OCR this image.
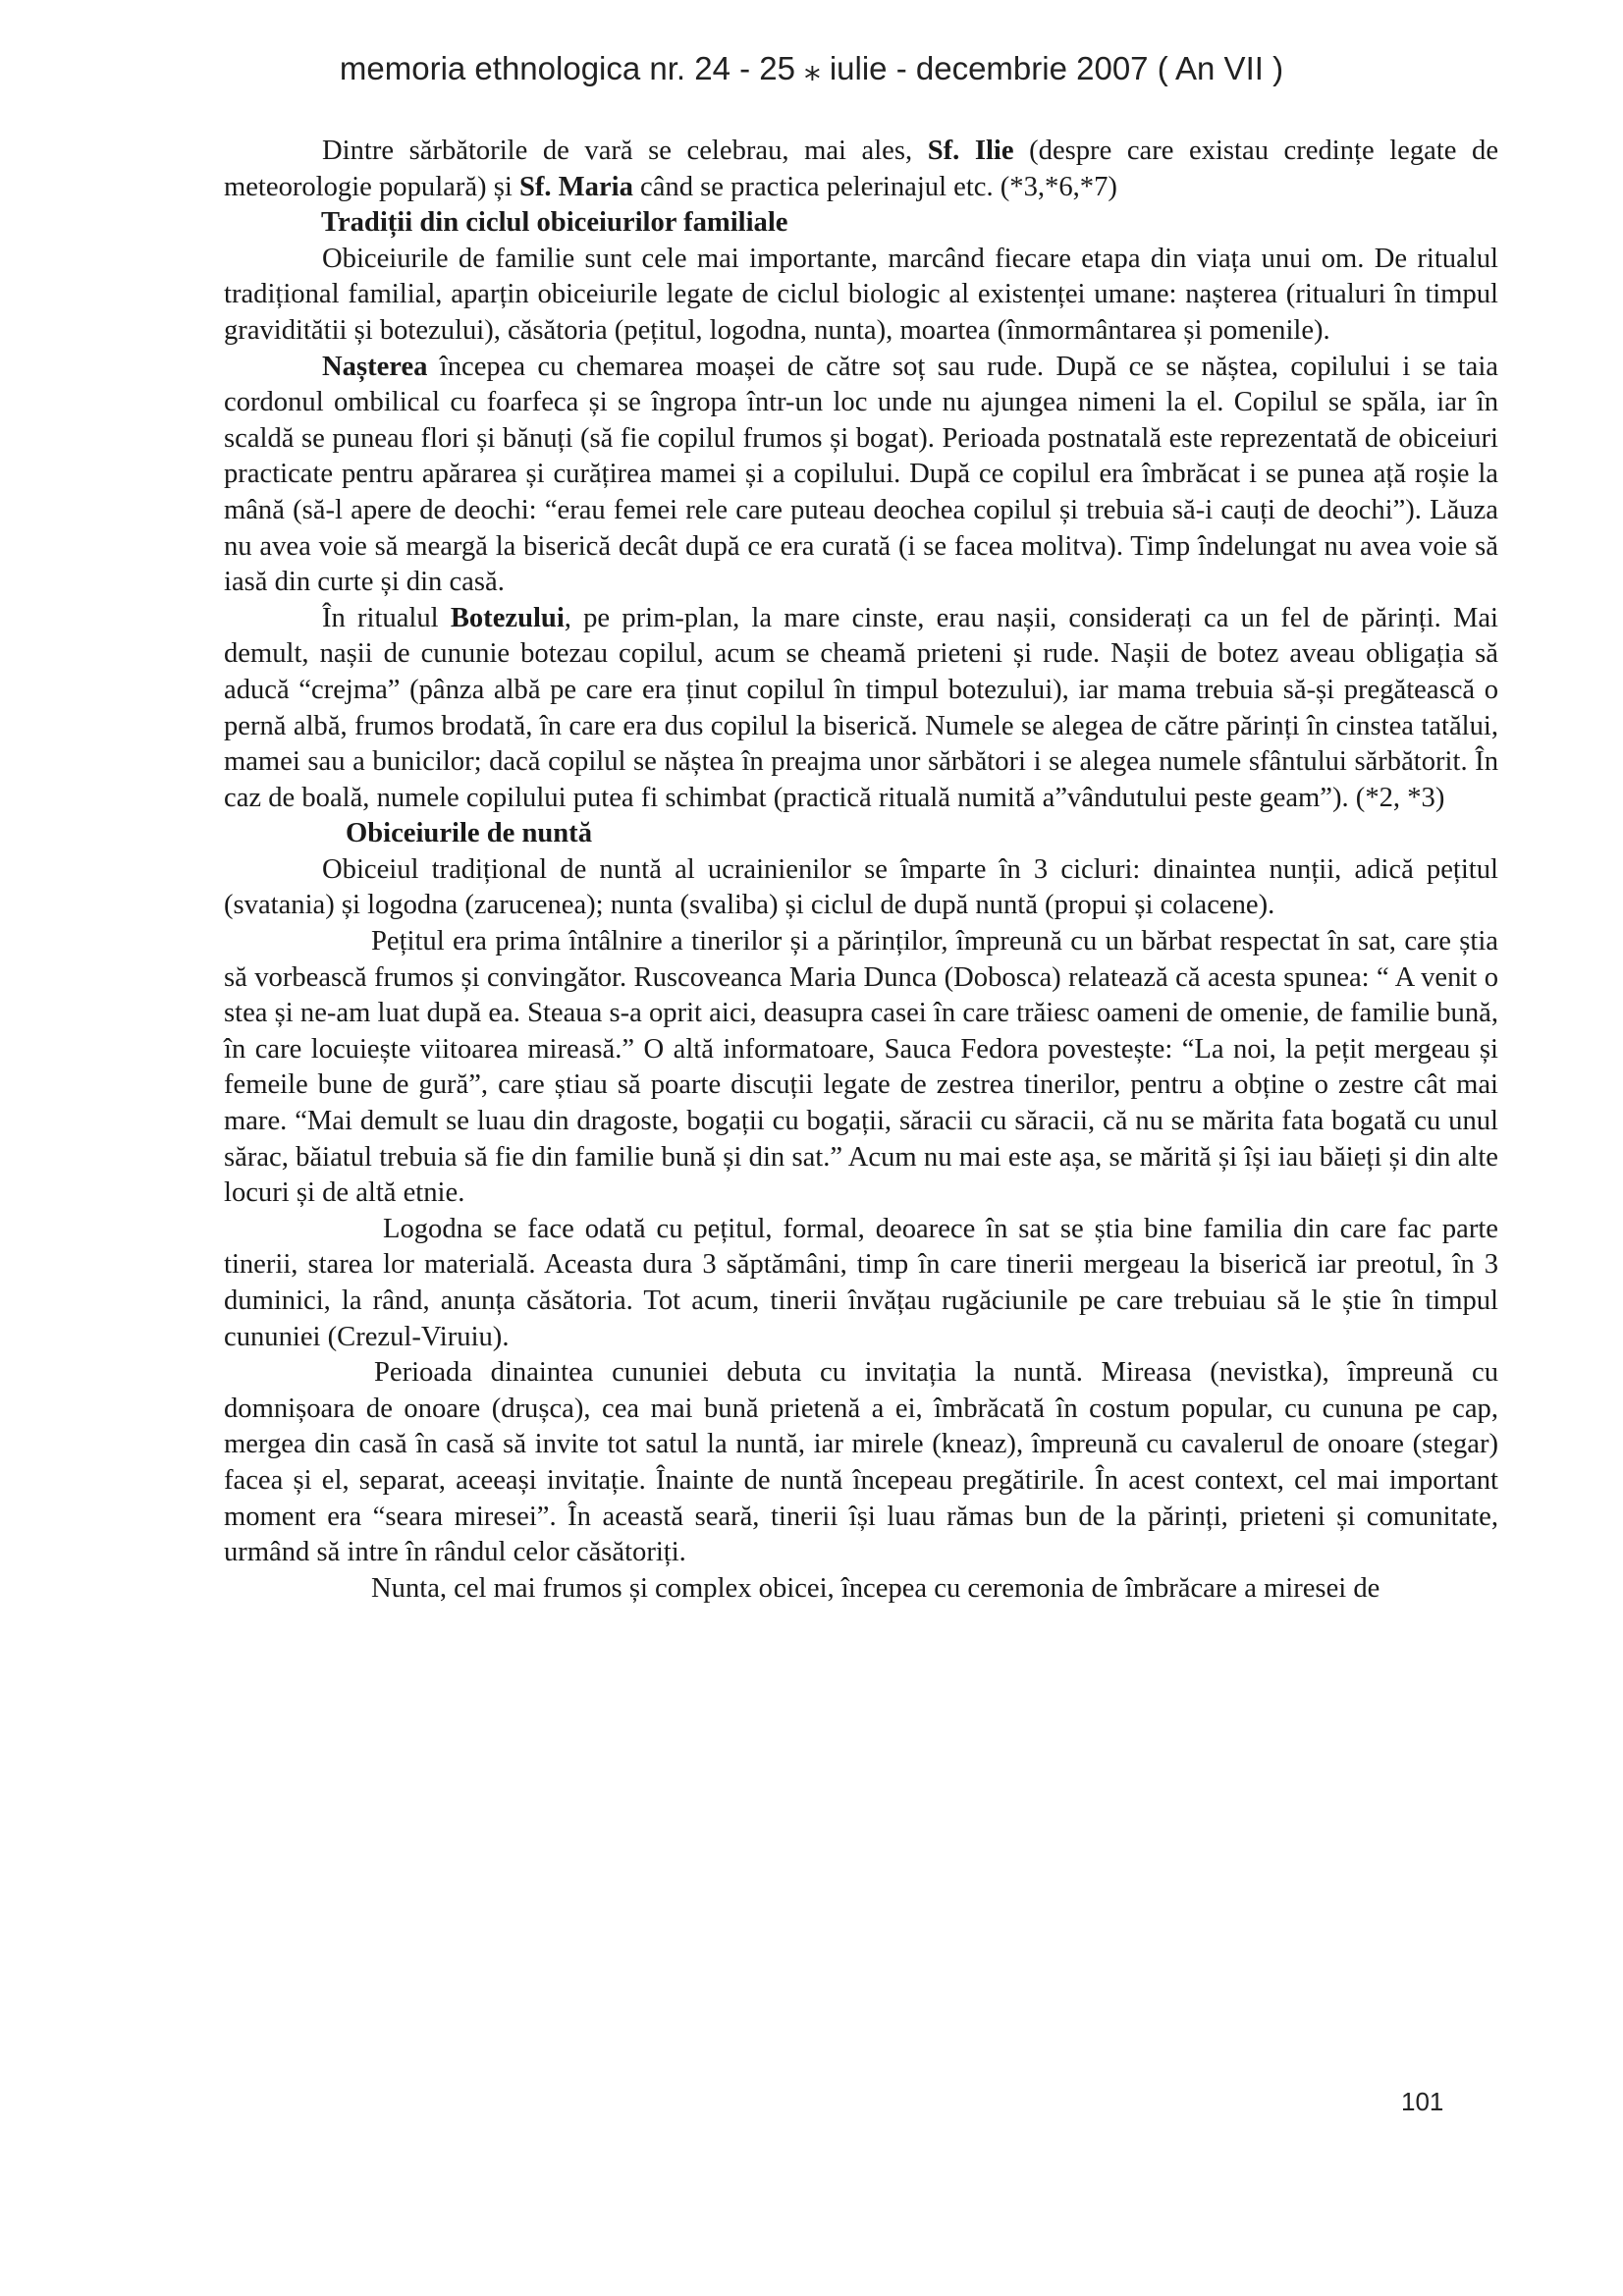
memoria ethnologica nr. 24 - 25 ⁎ iulie - decembrie 2007 ( An VII )

Dintre sărbătorile de vară se celebrau, mai ales, Sf. Ilie (despre care existau credințe legate de meteorologie populară) și Sf. Maria când se practica pelerinajul etc. (*3,*6,*7)

Tradiții din ciclul obiceiurilor familiale

Obiceiurile de familie sunt cele mai importante, marcând fiecare etapa din viața unui om. De ritualul tradițional familial, aparțin obiceiurile legate de ciclul biologic al existenței umane: nașterea (ritualuri în timpul graviditătii și botezului), căsătoria (pețitul, logodna, nunta), moartea (înmormântarea și pomenile).

Nașterea începea cu chemarea moașei de către soț sau rude. După ce se năștea, copilului i se taia cordonul ombilical cu foarfeca și se îngropa într-un loc unde nu ajungea nimeni la el. Copilul se spăla, iar în scaldă se puneau flori și bănuți (să fie copilul frumos și bogat). Perioada postnatală este reprezentată de obiceiuri practicate pentru apărarea și curățirea mamei și a copilului. După ce copilul era îmbrăcat i se punea ață roșie la mână (să-l apere de deochi: “erau femei rele care puteau deochea copilul și trebuia să-i cauți de deochi”). Lăuza nu avea voie să meargă la biserică decât după ce era curată (i se facea molitva). Timp îndelungat nu avea voie să iasă din curte și din casă.

În ritualul Botezului, pe prim-plan, la mare cinste, erau nașii, considerați ca un fel de părinți. Mai demult, nașii de cununie botezau copilul, acum se cheamă prieteni și rude. Nașii de botez aveau obligația să aducă “crejma” (pânza albă pe care era ținut copilul în timpul botezului), iar mama trebuia să-și pregătească o pernă albă, frumos brodată, în care era dus copilul la biserică. Numele se alegea de către părinți în cinstea tatălui, mamei sau a bunicilor; dacă copilul se năștea în preajma unor sărbători i se alegea numele sfântului sărbătorit. În caz de boală, numele copilului putea fi schimbat (practică rituală numită a”vândutului peste geam”). (*2, *3)

Obiceiurile de nuntă

Obiceiul tradițional de nuntă al ucrainienilor se împarte în 3 cicluri: dinaintea nunții, adică pețitul (svatania) și logodna (zarucenea); nunta (svaliba) și ciclul de după nuntă (propui și colacene).

Pețitul era prima întâlnire a tinerilor și a părinților, împreună cu un bărbat respectat în sat, care știa să vorbească frumos și convingător. Ruscoveanca Maria Dunca (Dobosca) relatează că acesta spunea: “ A venit o stea și ne-am luat după ea. Steaua s-a oprit aici, deasupra casei în care trăiesc oameni de omenie, de familie bună, în care locuiește viitoarea mireasă.” O altă informatoare, Sauca Fedora povestește: “La noi, la pețit mergeau și femeile bune de gură”, care știau să poarte discuții legate de zestrea tinerilor, pentru a obține o zestre cât mai mare. “Mai demult se luau din dragoste, bogații cu bogații, săracii cu săracii, că nu se mărita fata bogată cu unul sărac, băiatul trebuia să fie din familie bună și din sat.” Acum nu mai este așa, se mărită și își iau băieți și din alte locuri și de altă etnie.

Logodna se face odată cu pețitul, formal, deoarece în sat se știa bine familia din care fac parte tinerii, starea lor materială. Aceasta dura 3 săptămâni, timp în care tinerii mergeau la biserică iar preotul, în 3 duminici, la rând, anunța căsătoria. Tot acum, tinerii învățau rugăciunile pe care trebuiau să le știe în timpul cununiei (Crezul-Viruiu).

Perioada dinaintea cununiei debuta cu invitația la nuntă. Mireasa (nevistka), împreună cu domnișoara de onoare (drușca), cea mai bună prietenă a ei, îmbrăcată în costum popular, cu cununa pe cap, mergea din casă în casă să invite tot satul la nuntă, iar mirele (kneaz), împreună cu cavalerul de onoare (stegar) facea și el, separat, aceeași invitație. Înainte de nuntă începeau pregătirile. În acest context, cel mai important moment era “seara miresei”. În această seară, tinerii își luau rămas bun de la părinți, prieteni și comunitate, urmând să intre în rândul celor căsătoriți.

Nunta, cel mai frumos și complex obicei, începea cu ceremonia de îmbrăcare a miresei de

101
